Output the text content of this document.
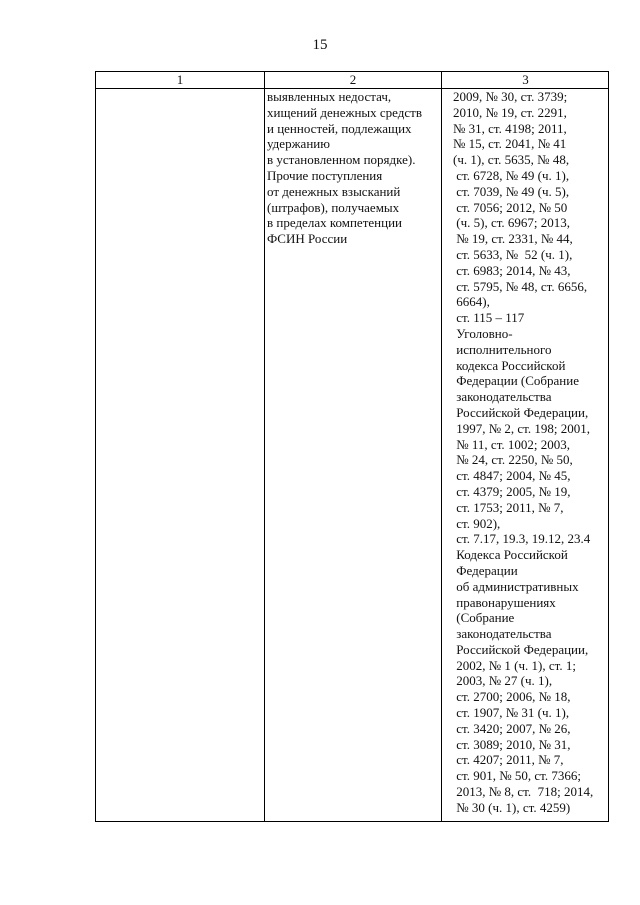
15
1	2	3
выявленных недостач,
хищений денежных средств
и ценностей, подлежащих
удержанию
в установленном порядке).
Прочие поступления
от денежных взысканий
(штрафов), получаемых
в пределах компетенции
ФСИН России
2009, № 30, ст. 3739;
2010, № 19, ст. 2291,
№ 31, ст. 4198; 2011,
№ 15, ст. 2041, № 41
(ч. 1), ст. 5635, № 48,
ст. 6728, № 49 (ч. 1),
ст. 7039, № 49 (ч. 5),
ст. 7056; 2012, № 50
(ч. 5), ст. 6967; 2013,
№ 19, ст. 2331, № 44,
ст. 5633, №  52 (ч. 1),
ст. 6983; 2014, № 43,
ст. 5795, № 48, ст. 6656,
6664),
ст. 115 – 117
Уголовно-
исполнительного
кодекса Российской
Федерации (Собрание
законодательства
Российской Федерации,
1997, № 2, ст. 198; 2001,
№ 11, ст. 1002; 2003,
№ 24, ст. 2250, № 50,
ст. 4847; 2004, № 45,
ст. 4379; 2005, № 19,
ст. 1753; 2011, № 7,
ст. 902),
ст. 7.17, 19.3, 19.12, 23.4
Кодекса Российской
Федерации
об административных
правонарушениях
(Собрание
законодательства
Российской Федерации,
2002, № 1 (ч. 1), ст. 1;
2003, № 27 (ч. 1),
ст. 2700; 2006, № 18,
ст. 1907, № 31 (ч. 1),
ст. 3420; 2007, № 26,
ст. 3089; 2010, № 31,
ст. 4207; 2011, № 7,
ст. 901, № 50, ст. 7366;
2013, № 8, ст.  718; 2014,
№ 30 (ч. 1), ст. 4259)
